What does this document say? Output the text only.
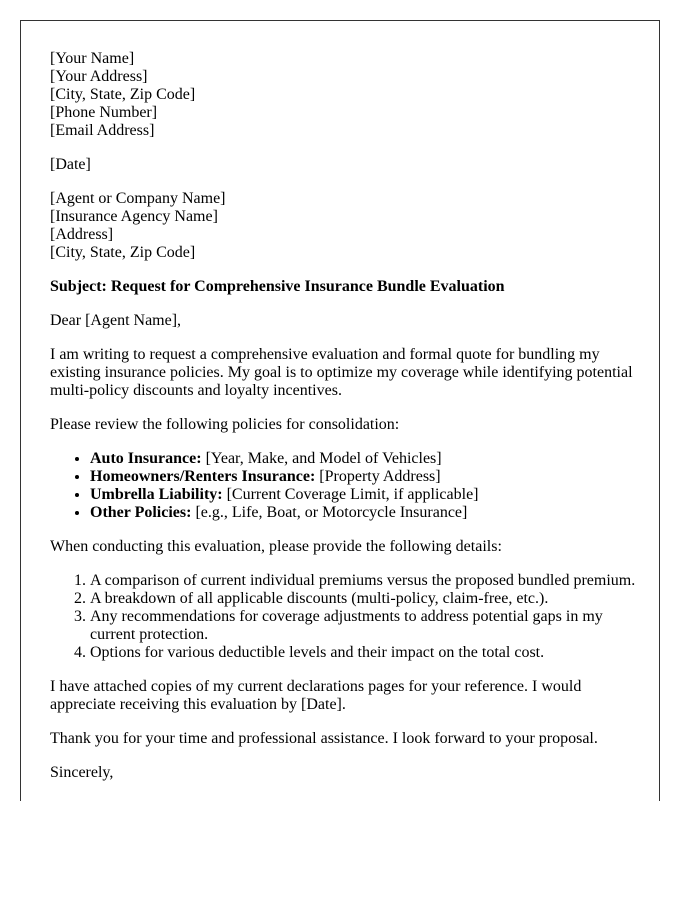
[Your Name]
[Your Address]
[City, State, Zip Code]
[Phone Number]
[Email Address]

[Date]

[Agent or Company Name]
[Insurance Agency Name]
[Address]
[City, State, Zip Code]

Subject: Request for Comprehensive Insurance Bundle Evaluation

Dear [Agent Name],

I am writing to request a comprehensive evaluation and formal quote for bundling my existing insurance policies. My goal is to optimize my coverage while identifying potential multi-policy discounts and loyalty incentives.

Please review the following policies for consolidation:

• Auto Insurance: [Year, Make, and Model of Vehicles]
• Homeowners/Renters Insurance: [Property Address]
• Umbrella Liability: [Current Coverage Limit, if applicable]
• Other Policies: [e.g., Life, Boat, or Motorcycle Insurance]

When conducting this evaluation, please provide the following details:

1. A comparison of current individual premiums versus the proposed bundled premium.
2. A breakdown of all applicable discounts (multi-policy, claim-free, etc.).
3. Any recommendations for coverage adjustments to address potential gaps in my current protection.
4. Options for various deductible levels and their impact on the total cost.

I have attached copies of my current declarations pages for your reference. I would appreciate receiving this evaluation by [Date].

Thank you for your time and professional assistance. I look forward to your proposal.

Sincerely,
